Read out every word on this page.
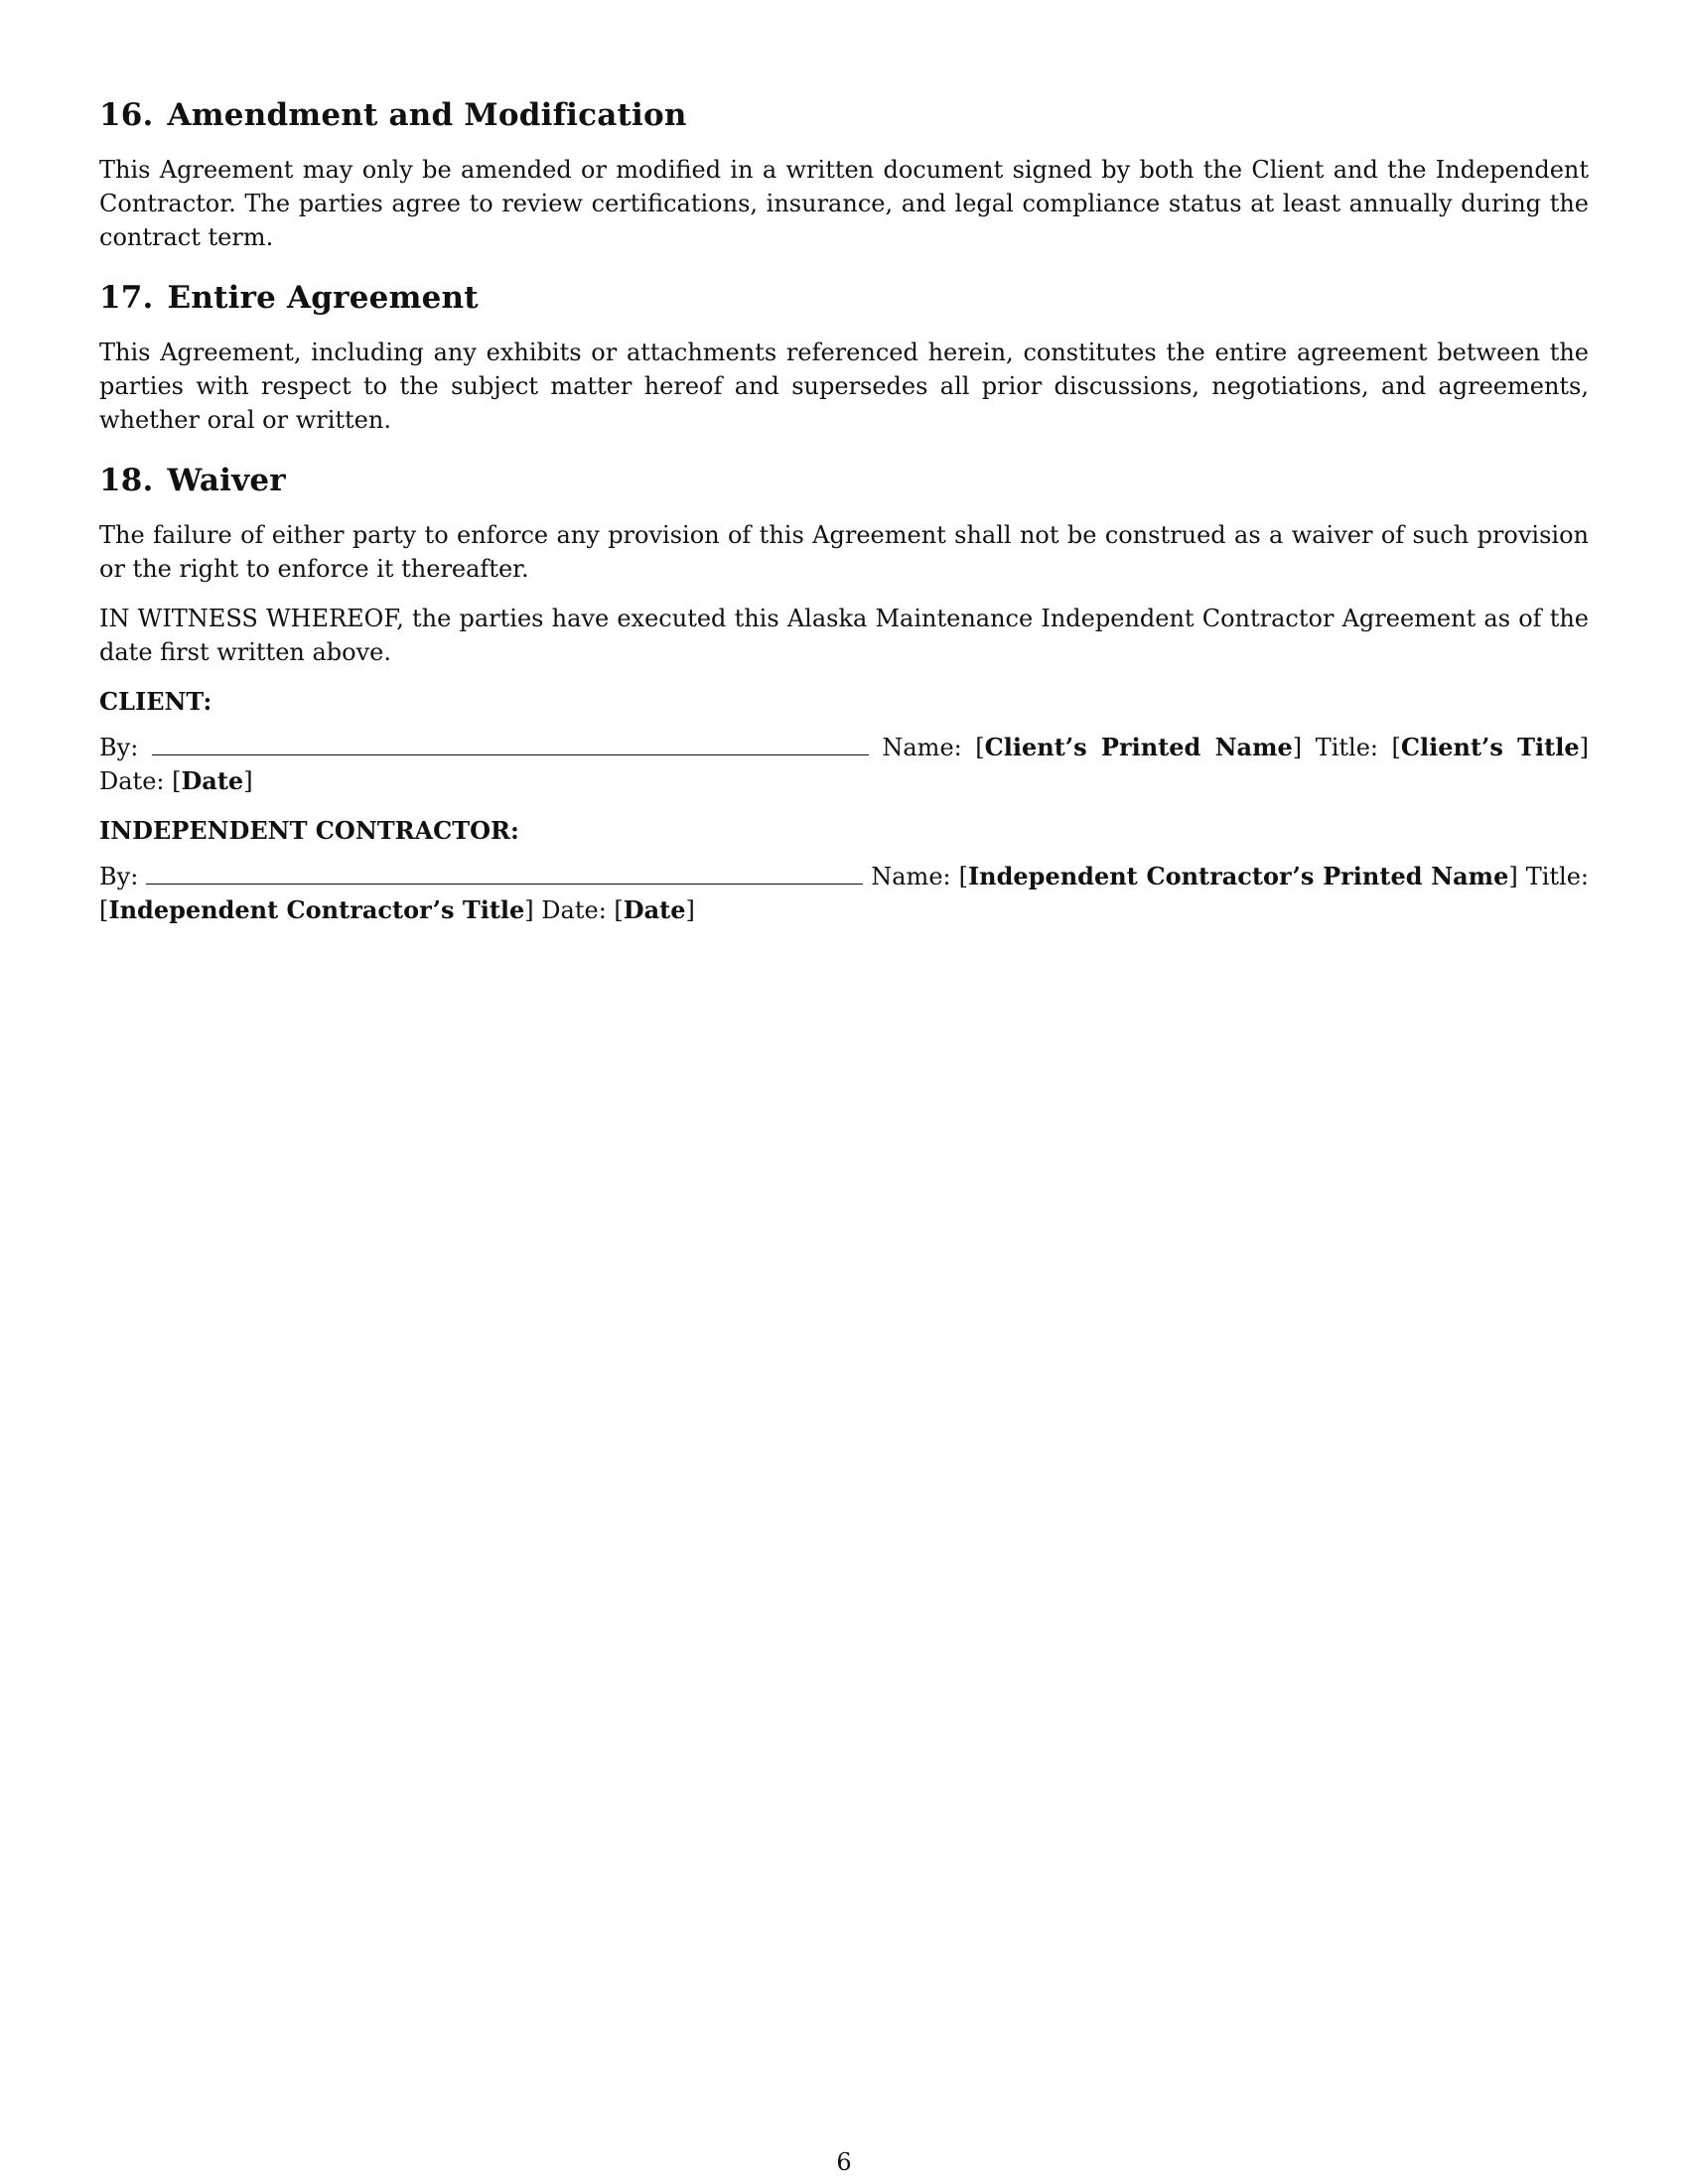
16. Amendment and Modification

This Agreement may only be amended or modified in a written document signed by both the Client and the Independent Contractor. The parties agree to review certifications, insurance, and legal compliance status at least annually during the contract term.

17. Entire Agreement

This Agreement, including any exhibits or attachments referenced herein, constitutes the entire agreement between the parties with respect to the subject matter hereof and supersedes all prior discussions, negotiations, and agreements, whether oral or written.

18. Waiver

The failure of either party to enforce any provision of this Agreement shall not be construed as a waiver of such provision or the right to enforce it thereafter.

IN WITNESS WHEREOF, the parties have executed this Alaska Maintenance Independent Contractor Agreement as of the date first written above.

CLIENT:
By:	Name: [Client’s Printed Name] Title: [Client’s Title] Date: [Date]
INDEPENDENT CONTRACTOR:
By:	Name: [Independent Contractor’s Printed Name] Title: [Independent Contractor’s Title] Date: [Date]
6
